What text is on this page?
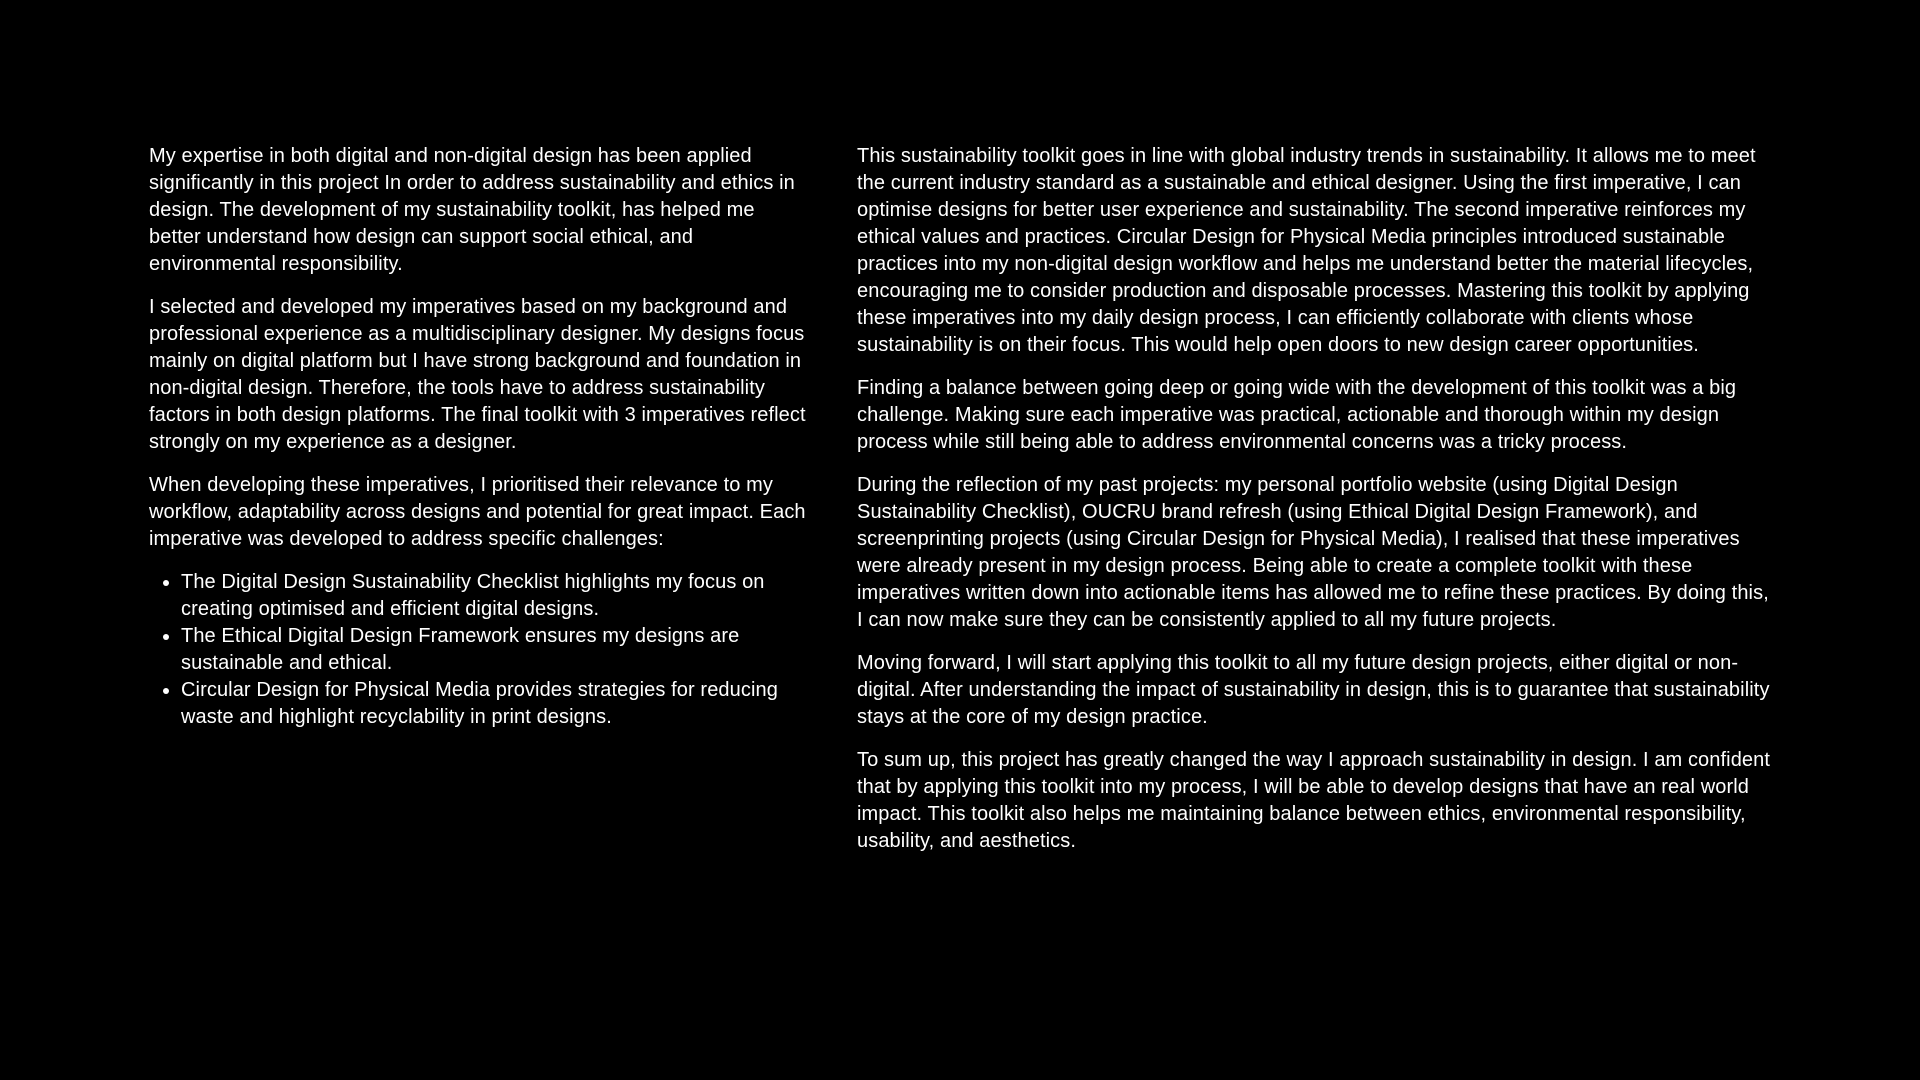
My expertise in both digital and non-digital design has been applied significantly in this project In order to address sustainability and ethics in design. The development of my sustainability toolkit, has helped me better understand how design can support social ethical, and environmental responsibility.

I selected and developed my imperatives based on my background and professional experience as a multidisciplinary designer. My designs focus mainly on digital platform but I have strong background and foundation in non-digital design. Therefore, the tools have to address sustainability factors in both design platforms. The final toolkit with 3 imperatives reflect strongly on my experience as a designer.

When developing these imperatives, I prioritised their relevance to my workflow, adaptability across designs and potential for great impact. Each imperative was developed to address specific challenges:

• The Digital Design Sustainability Checklist highlights my focus on creating optimised and efficient digital designs.
• The Ethical Digital Design Framework ensures my designs are sustainable and ethical.
• Circular Design for Physical Media provides strategies for reducing waste and highlight recyclability in print designs.

This sustainability toolkit goes in line with global industry trends in sustainability. It allows me to meet the current industry standard as a sustainable and ethical designer. Using the first imperative, I can optimise designs for better user experience and sustainability. The second imperative reinforces my ethical values and practices. Circular Design for Physical Media principles introduced sustainable practices into my non-digital design workflow and helps me understand better the material lifecycles, encouraging me to consider production and disposable processes. Mastering this toolkit by applying these imperatives into my daily design process, I can efficiently collaborate with clients whose sustainability is on their focus. This would help open doors to new design career opportunities.

Finding a balance between going deep or going wide with the development of this toolkit was a big challenge. Making sure each imperative was practical, actionable and thorough within my design process while still being able to address environmental concerns was a tricky process.

During the reflection of my past projects: my personal portfolio website (using Digital Design Sustainability Checklist), OUCRU brand refresh (using Ethical Digital Design Framework), and screenprinting projects (using Circular Design for Physical Media), I realised that these imperatives were already present in my design process. Being able to create a complete toolkit with these imperatives written down into actionable items has allowed me to refine these practices. By doing this, I can now make sure they can be consistently applied to all my future projects.

Moving forward, I will start applying this toolkit to all my future design projects, either digital or non-digital. After understanding the impact of sustainability in design, this is to guarantee that sustainability stays at the core of my design practice.

To sum up, this project has greatly changed the way I approach sustainability in design. I am confident that by applying this toolkit into my process, I will be able to develop designs that have an real world impact. This toolkit also helps me maintaining balance between ethics, environmental responsibility, usability, and aesthetics.
